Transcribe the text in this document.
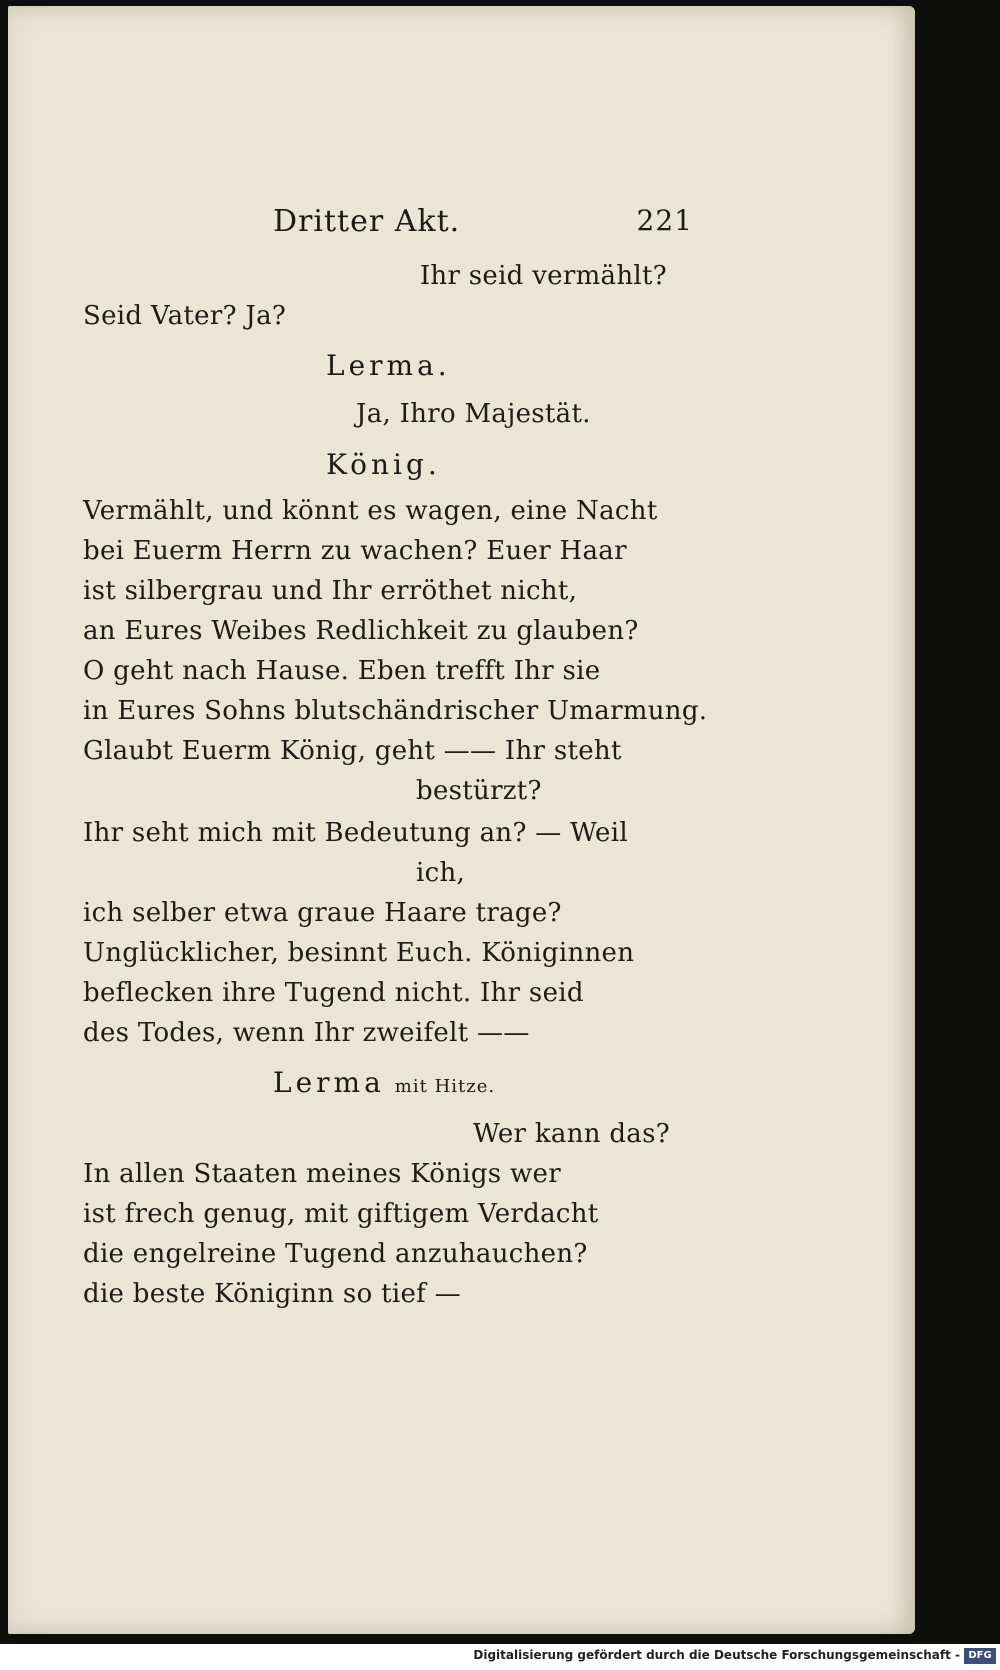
Dritter Akt.	221
Ihr seid vermählt?
Seid Vater? Ja?
Lerma.
Ja, Ihro Majestät.
König.
Vermählt, und könnt es wagen, eine Nacht
bei Euerm Herrn zu wachen? Euer Haar
ist silbergrau und Ihr erröthet nicht,
an Eures Weibes Redlichkeit zu glauben?
O geht nach Hause. Eben trefft Ihr sie
in Eures Sohns blutschändrischer Umarmung.
Glaubt Euerm König, geht —— Ihr steht
bestürzt?
Ihr seht mich mit Bedeutung an? — Weil
ich,
ich selber etwa graue Haare trage?
Unglücklicher, besinnt Euch. Königinnen
beflecken ihre Tugend nicht. Ihr seid
des Todes, wenn Ihr zweifelt ——
Lerma mit Hitze.
Wer kann das?
In allen Staaten meines Königs wer
ist frech genug, mit giftigem Verdacht
die engelreine Tugend anzuhauchen?
die beste Königinn so tief —
Digitalisierung gefördert durch die Deutsche Forschungsgemeinschaft - DFG
